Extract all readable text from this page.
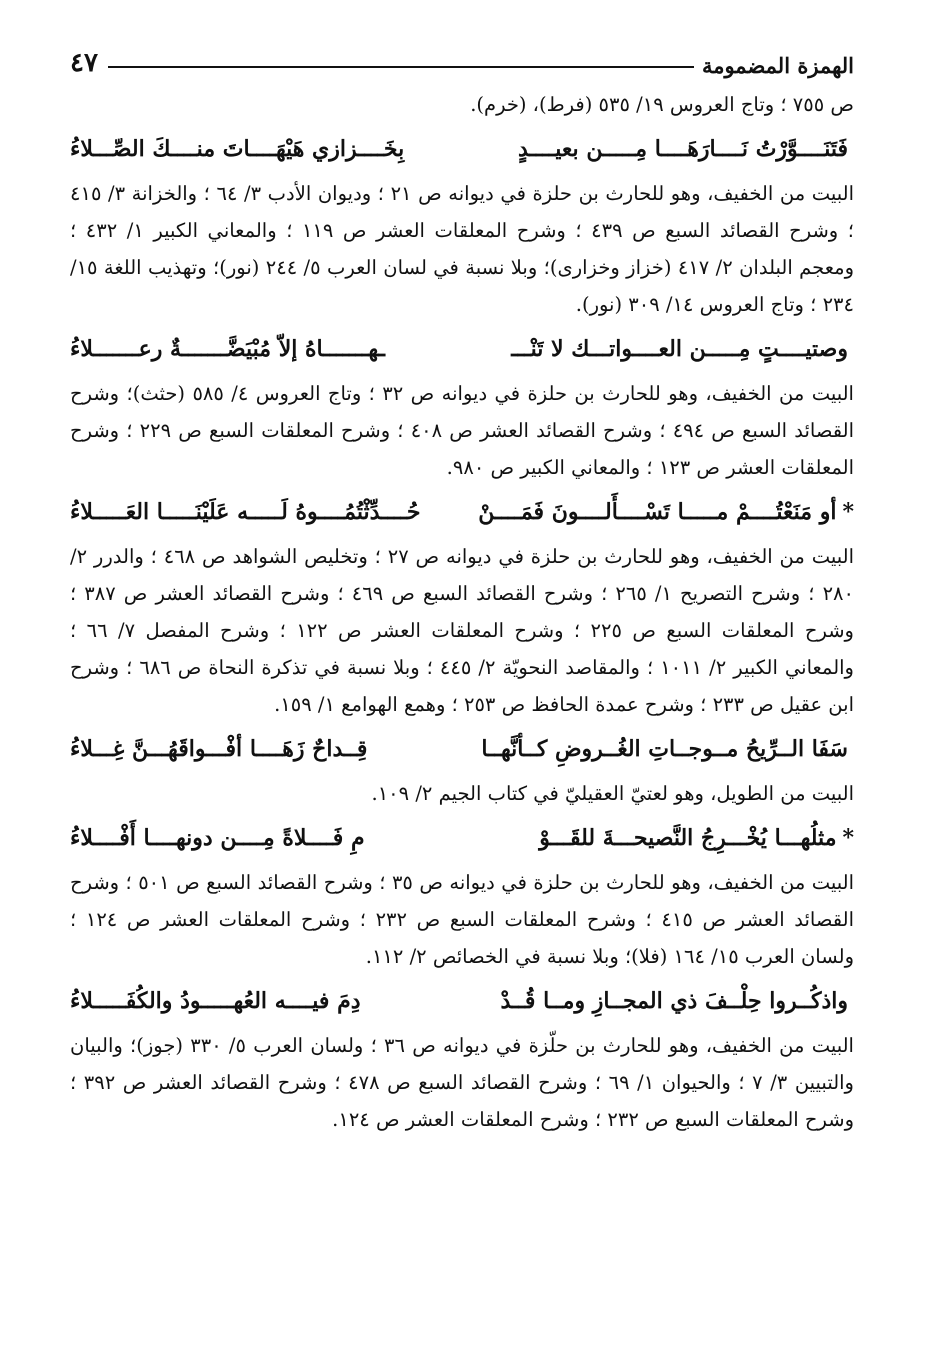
الهمزة المضمومة
٤٧

ص ٧٥٥ ؛ وتاج العروس ١٩/ ٥٣٥ (فرط)، (خرم).

فَتَنَــــوَّرْتُ نَــــارَهَــــا مِـــــن بعيــــدٍ
بِخَــــزازي هَيْهَــــاتَ منــــكَ الصِّـــلاءُ

البيت من الخفيف، وهو للحارث بن حلزة في ديوانه ص ٢١ ؛ وديوان الأدب ٣/ ٦٤ ؛ والخزانة ٣/ ٤١٥ ؛ وشرح القصائد السبع ص ٤٣٩ ؛ وشرح المعلقات العشر ص ١١٩ ؛ والمعاني الكبير ١/ ٤٣٢ ؛ ومعجم البلدان ٢/ ٤١٧ (خزاز وخزارى)؛ وبلا نسبة في لسان العرب ٥/ ٢٤٤ (نور)؛ وتهذيب اللغة ١٥/ ٢٣٤ ؛ وتاج العروس ١٤/ ٣٠٩ (نور).

وصتيــــتٍ مِـــــن العــــواتـــك لا تَنْـــ
ـهـــــــاهُ إلاّ مُبْيَضَّـــــــةٌ رعـــــــلاءُ

البيت من الخفيف، وهو للحارث بن حلزة في ديوانه ص ٣٢ ؛ وتاج العروس ٤/ ٥٨٥ (حثث)؛ وشرح القصائد السبع ص ٤٩٤ ؛ وشرح القصائد العشر ص ٤٠٨ ؛ وشرح المعلقات السبع ص ٢٢٩ ؛ وشرح المعلقات العشر ص ١٢٣ ؛ والمعاني الكبير ص ٩٨٠.

*أو مَنَعْتُــــمْ مـــــا تَسْــــأَلــــونَ فَمَــــنْ
حُــــدِّثْتُمُــــوهُ لَـــــه عَلَيْنَـــــا العَـــــلاءُ

البيت من الخفيف، وهو للحارث بن حلزة في ديوانه ص ٢٧ ؛ وتخليص الشواهد ص ٤٦٨ ؛ والدرر ٢/ ٢٨٠ ؛ وشرح التصريح ١/ ٢٦٥ ؛ وشرح القصائد السبع ص ٤٦٩ ؛ وشرح القصائد العشر ص ٣٨٧ ؛ وشرح المعلقات السبع ص ٢٢٥ ؛ وشرح المعلقات العشر ص ١٢٢ ؛ وشرح المفصل ٧/ ٦٦ ؛ والمعاني الكبير ٢/ ١٠١١ ؛ والمقاصد النحويّة ٢/ ٤٤٥ ؛ وبلا نسبة في تذكرة النحاة ص ٦٨٦ ؛ وشرح ابن عقيل ص ٢٣٣ ؛ وشرح عمدة الحافظ ص ٢٥٣ ؛ وهمع الهوامع ١/ ١٥٩.

سَفَا الــرِّيحُ مــوجــاتِ الغُــروضِ كــأنَّهــا
قِــداحٌ زَهَــــا أفْـــواقَهُـــنَّ غِـــلاءُ

البيت من الطويل، وهو لعتيّ العقيليّ في كتاب الجيم ٢/ ١٠٩.

*مثلُهـــا يُخْـــرِجُ النَّصيحـــةَ للقَـــوْ
مِ فَــــلاةً مِــــن دونهــــا أَفْــــلاءُ

البيت من الخفيف، وهو للحارث بن حلزة في ديوانه ص ٣٥ ؛ وشرح القصائد السبع ص ٥٠١ ؛ وشرح القصائد العشر ص ٤١٥ ؛ وشرح المعلقات السبع ص ٢٣٢ ؛ وشرح المعلقات العشر ص ١٢٤ ؛ ولسان العرب ١٥/ ١٦٤ (فلا)؛ وبلا نسبة في الخصائص ٢/ ١١٢.

واذكُــروا حِلْــفَ ذي المجــازِ ومــا قُــدْ
دِمَ فيــــه العُهـــــودُ والكُفَـــــلاءُ

البيت من الخفيف، وهو للحارث بن حلّزة في ديوانه ص ٣٦ ؛ ولسان العرب ٥/ ٣٣٠ (جوز)؛ والبيان والتبيين ٣/ ٧ ؛ والحيوان ١/ ٦٩ ؛ وشرح القصائد السبع ص ٤٧٨ ؛ وشرح القصائد العشر ص ٣٩٢ ؛ وشرح المعلقات السبع ص ٢٣٢ ؛ وشرح المعلقات العشر ص ١٢٤.
